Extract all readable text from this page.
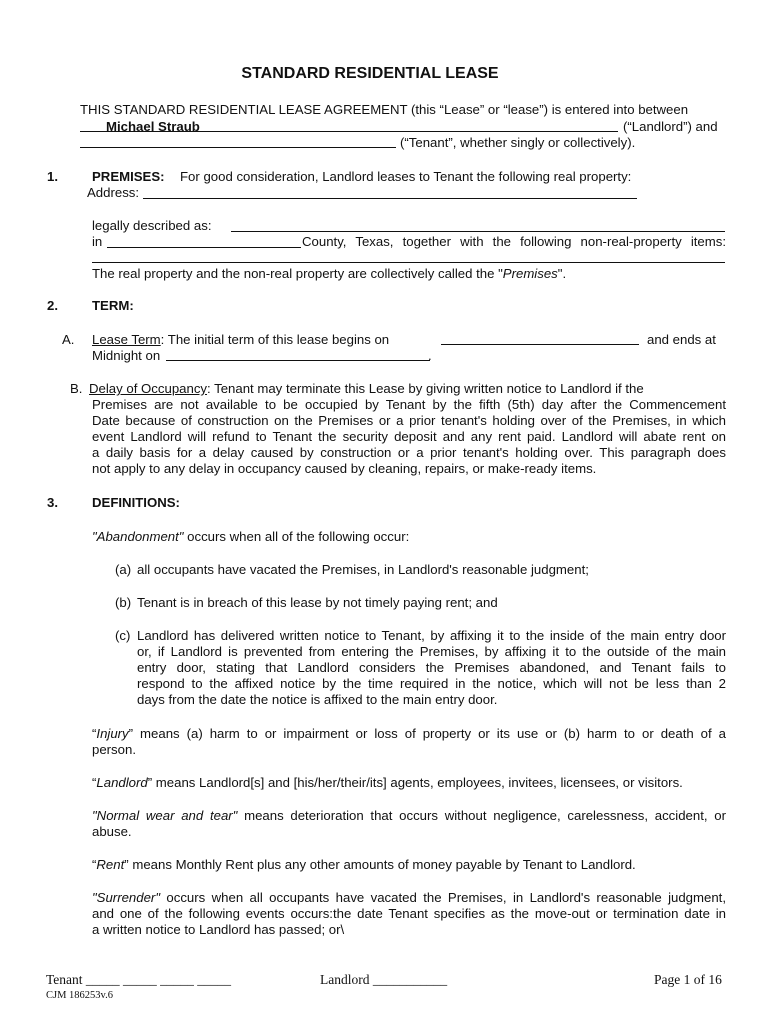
STANDARD RESIDENTIAL LEASE
THIS STANDARD RESIDENTIAL LEASE AGREEMENT (this “Lease” or “lease”) is entered into between
Michael Straub	(“Landlord”) and
(“Tenant”, whether singly or collectively).
1.	PREMISES: For good consideration, Landlord leases to Tenant the following real property:
Address:
legally described as:
in	County, Texas, together with the following non-real-property items:
The real property and the non-real property are collectively called the "Premises".
2.	TERM:
A. Lease Term: The initial term of this lease begins on	and ends at
Midnight on	.
B. Delay of Occupancy: Tenant may terminate this Lease by giving written notice to Landlord if the
Premises are not available to be occupied by Tenant by the fifth (5th) day after the Commencement
Date because of construction on the Premises or a prior tenant's holding over of the Premises, in which
event Landlord will refund to Tenant the security deposit and any rent paid. Landlord will abate rent on
a daily basis for a delay caused by construction or a prior tenant's holding over. This paragraph does
not apply to any delay in occupancy caused by cleaning, repairs, or make-ready items.
3.	DEFINITIONS:
"Abandonment" occurs when all of the following occur:
(a) all occupants have vacated the Premises, in Landlord's reasonable judgment;
(b) Tenant is in breach of this lease by not timely paying rent; and
(c) Landlord has delivered written notice to Tenant, by affixing it to the inside of the main entry door
or, if Landlord is prevented from entering the Premises, by affixing it to the outside of the main
entry door, stating that Landlord considers the Premises abandoned, and Tenant fails to
respond to the affixed notice by the time required in the notice, which will not be less than 2
days from the date the notice is affixed to the main entry door.
“Injury” means (a) harm to or impairment or loss of property or its use or (b) harm to or death of a
person.
“Landlord” means Landlord[s] and [his/her/their/its] agents, employees, invitees, licensees, or visitors.
"Normal wear and tear" means deterioration that occurs without negligence, carelessness, accident, or
abuse.
“Rent” means Monthly Rent plus any other amounts of money payable by Tenant to Landlord.
"Surrender" occurs when all occupants have vacated the Premises, in Landlord's reasonable judgment,
and one of the following events occurs:the date Tenant specifies as the move-out or termination date in
a written notice to Landlord has passed; or\
Tenant _____ _____ _____ _____	Landlord ___________	Page 1 of 16
CJM 186253v.6
